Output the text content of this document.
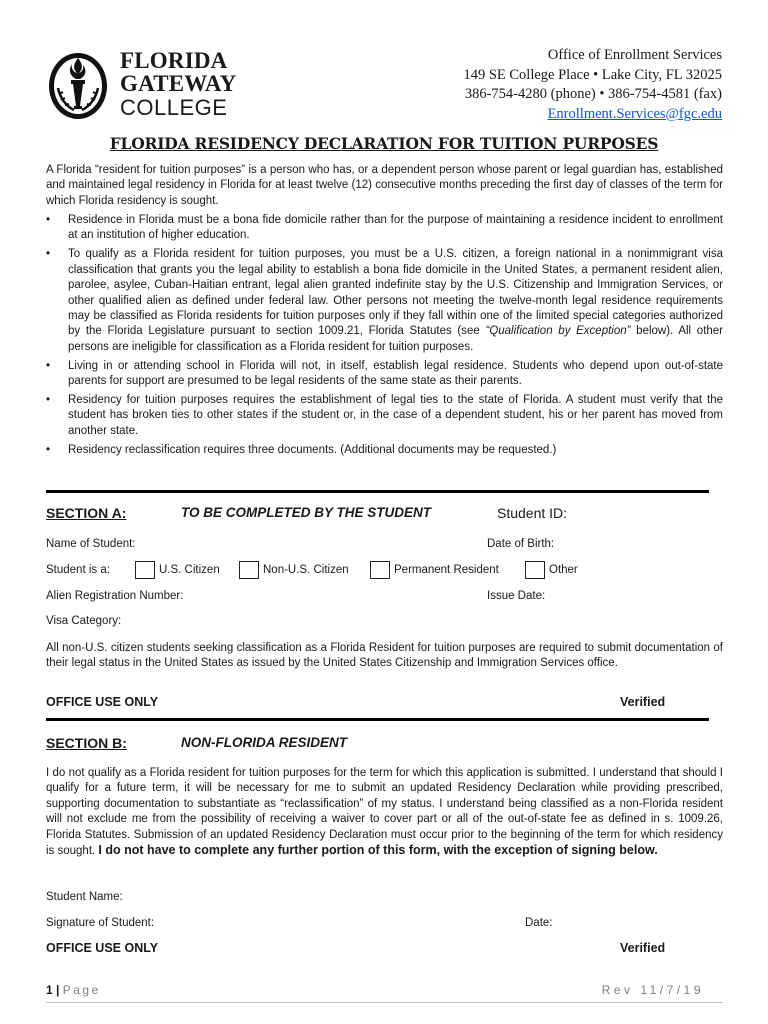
FLORIDA GATEWAY
COLLEGE
Office of Enrollment Services
149 SE College Place • Lake City, FL 32025
386-754-4280 (phone) • 386-754-4581 (fax)
Enrollment.Services@fgc.edu
FLORIDA RESIDENCY DECLARATION FOR TUITION PURPOSES
A Florida “resident for tuition purposes” is a person who has, or a dependent person whose parent or legal guardian has, established and maintained legal residency in Florida for at least twelve (12) consecutive months preceding the first day of classes of the term for which Florida residency is sought.
• Residence in Florida must be a bona fide domicile rather than for the purpose of maintaining a residence incident to enrollment at an institution of higher education.
• To qualify as a Florida resident for tuition purposes, you must be a U.S. citizen, a foreign national in a nonimmigrant visa classification that grants you the legal ability to establish a bona fide domicile in the United States, a permanent resident alien, parolee, asylee, Cuban-Haitian entrant, legal alien granted indefinite stay by the U.S. Citizenship and Immigration Services, or other qualified alien as defined under federal law. Other persons not meeting the twelve-month legal residence requirements may be classified as Florida residents for tuition purposes only if they fall within one of the limited special categories authorized by the Florida Legislature pursuant to section 1009.21, Florida Statutes (see “Qualification by Exception” below). All other persons are ineligible for classification as a Florida resident for tuition purposes.
• Living in or attending school in Florida will not, in itself, establish legal residence. Students who depend upon out-of-state parents for support are presumed to be legal residents of the same state as their parents.
• Residency for tuition purposes requires the establishment of legal ties to the state of Florida. A student must verify that the student has broken ties to other states if the student or, in the case of a dependent student, his or her parent has moved from another state.
• Residency reclassification requires three documents. (Additional documents may be requested.)
SECTION A:	TO BE COMPLETED BY THE STUDENT	Student ID:
Name of Student:	Date of Birth:
Student is a:	U.S. Citizen	Non-U.S. Citizen	Permanent Resident	Other
Alien Registration Number:	Issue Date:
Visa Category:
All non-U.S. citizen students seeking classification as a Florida Resident for tuition purposes are required to submit documentation of their legal status in the United States as issued by the United States Citizenship and Immigration Services office.
OFFICE USE ONLY	Verified
SECTION B:	NON-FLORIDA RESIDENT
I do not qualify as a Florida resident for tuition purposes for the term for which this application is submitted. I understand that should I qualify for a future term, it will be necessary for me to submit an updated Residency Declaration while providing prescribed, supporting documentation to substantiate as “reclassification” of my status. I understand being classified as a non-Florida resident will not exclude me from the possibility of receiving a waiver to cover part or all of the out-of-state fee as defined in s. 1009.26, Florida Statutes. Submission of an updated Residency Declaration must occur prior to the beginning of the term for which residency is sought. I do not have to complete any further portion of this form, with the exception of signing below.
Student Name:
Signature of Student:	Date:
OFFICE USE ONLY	Verified
1 | Page	Rev 11/7/19
